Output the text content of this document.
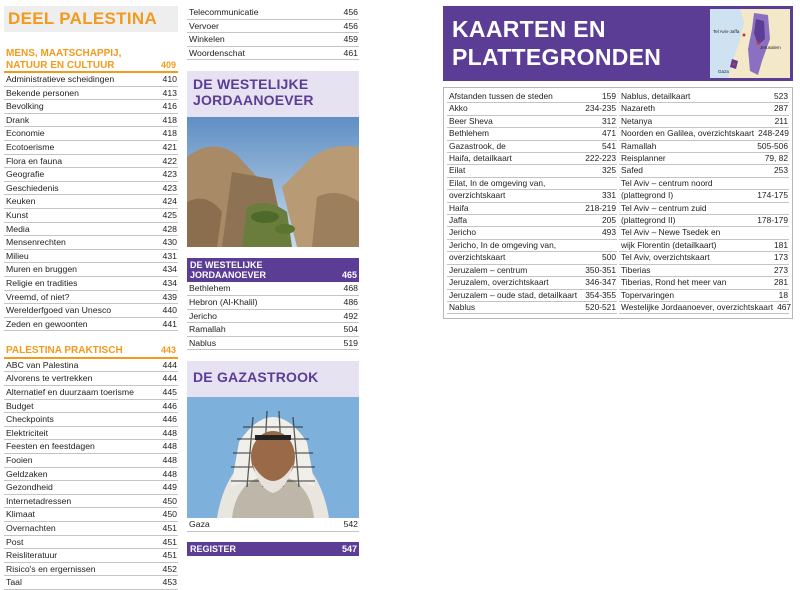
DEEL PALESTINA
MENS, MAATSCHAPPIJ,
NATUUR EN CULTUUR	409
Administratieve scheidingen	410
Bekende personen	413
Bevolking	416
Drank	418
Economie	418
Ecotoerisme	421
Flora en fauna	422
Geografie	423
Geschiedenis	423
Keuken	424
Kunst	425
Media	428
Mensenrechten	430
Milieu	431
Muren en bruggen	434
Religie en tradities	434
Vreemd, of niet?	439
Werelderfgoed van Unesco	440
Zeden en gewoonten	441
PALESTINA PRAKTISCH	443
ABC van Palestina	444
Alvorens te vertrekken	444
Alternatief en duurzaam toerisme	445
Budget	446
Checkpoints	446
Elektriciteit	448
Feesten en feestdagen	448
Fooien	448
Geldzaken	448
Gezondheid	449
Internetadressen	450
Klimaat	450
Overnachten	451
Post	451
Reisliteratuur	451
Risico's en ergernissen	452
Taal	453
Telecommunicatie	456
Vervoer	456
Winkelen	459
Woordenschat	461
DE WESTELIJKE
JORDAANOEVER
DE WESTELIJKE
JORDAANOEVER	465
Bethlehem	468
Hebron (Al-Khalil)	486
Jericho	492
Ramallah	504
Nablus	519
DE GAZASTROOK
Gaza	542
REGISTER	547
KAARTEN EN
PLATTEGRONDEN
Tel Aviv-Jaffa
Jerusalem
Gaza
Afstanden tussen de steden	159
Akko	234-235
Beer Sheva	312
Bethlehem	471
Gazastrook, de	541
Haifa, detailkaart	222-223
Eilat	325
Eilat, In de omgeving van,
overzichtskaart	331
Haifa	218-219
Jaffa	205
Jericho	493
Jericho, In de omgeving van,
overzichtskaart	500
Jeruzalem – centrum	350-351
Jeruzalem, overzichtskaart	346-347
Jeruzalem – oude stad, detailkaart 354-355
Nablus	520-521
Nablus, detailkaart	523
Nazareth	287
Netanya	211
Noorden en Galilea, overzichtskaart 248-249
Ramallah	505-506
Reisplanner	79, 82
Safed	253
Tel Aviv – centrum noord
(plattegrond I)	174-175
Tel Aviv – centrum zuid
(plattegrond II)	178-179
Tel Aviv – Newe Tsedek en
wijk Florentin (detailkaart)	181
Tel Aviv, overzichtskaart	173
Tiberias	273
Tiberias, Rond het meer van	281
Topervaringen	18
Westelijke Jordaanoever, overzichtskaart 467
